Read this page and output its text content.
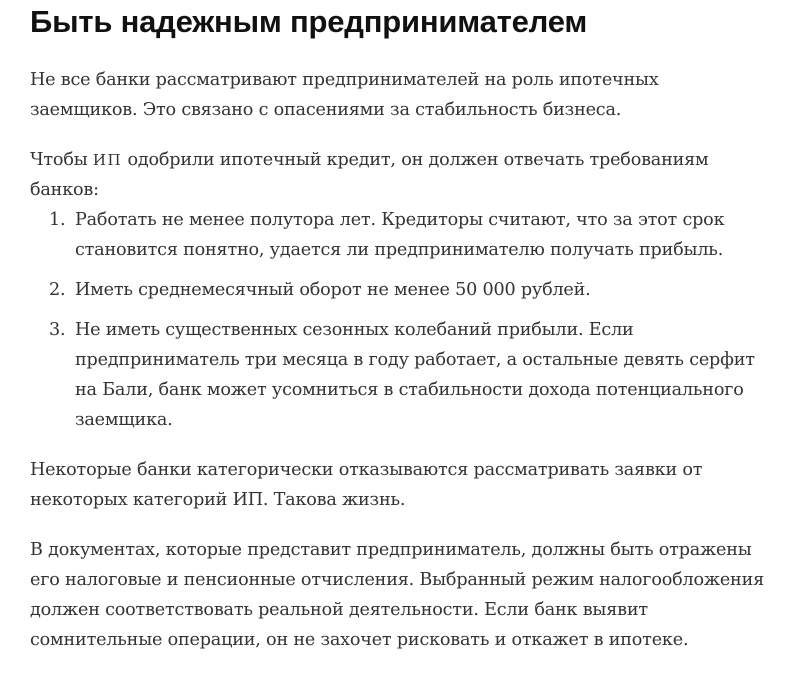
Быть надежным предпринимателем

Не все банки рассматривают предпринимателей на роль ипотечных заемщиков. Это связано с опасениями за стабильность бизнеса.

Чтобы ИП одобрили ипотечный кредит, он должен отвечать требованиям банков:

1. Работать не менее полутора лет. Кредиторы считают, что за этот срок становится понятно, удается ли предпринимателю получать прибыль.
2. Иметь среднемесячный оборот не менее 50 000 рублей.
3. Не иметь существенных сезонных колебаний прибыли. Если предприниматель три месяца в году работает, а остальные девять серфит на Бали, банк может усомниться в стабильности дохода потенциального заемщика.

Некоторые банки категорически отказываются рассматривать заявки от некоторых категорий ИП. Такова жизнь.

В документах, которые представит предприниматель, должны быть отражены его налоговые и пенсионные отчисления. Выбранный режим налогообложения должен соответствовать реальной деятельности. Если банк выявит сомнительные операции, он не захочет рисковать и откажет в ипотеке.
